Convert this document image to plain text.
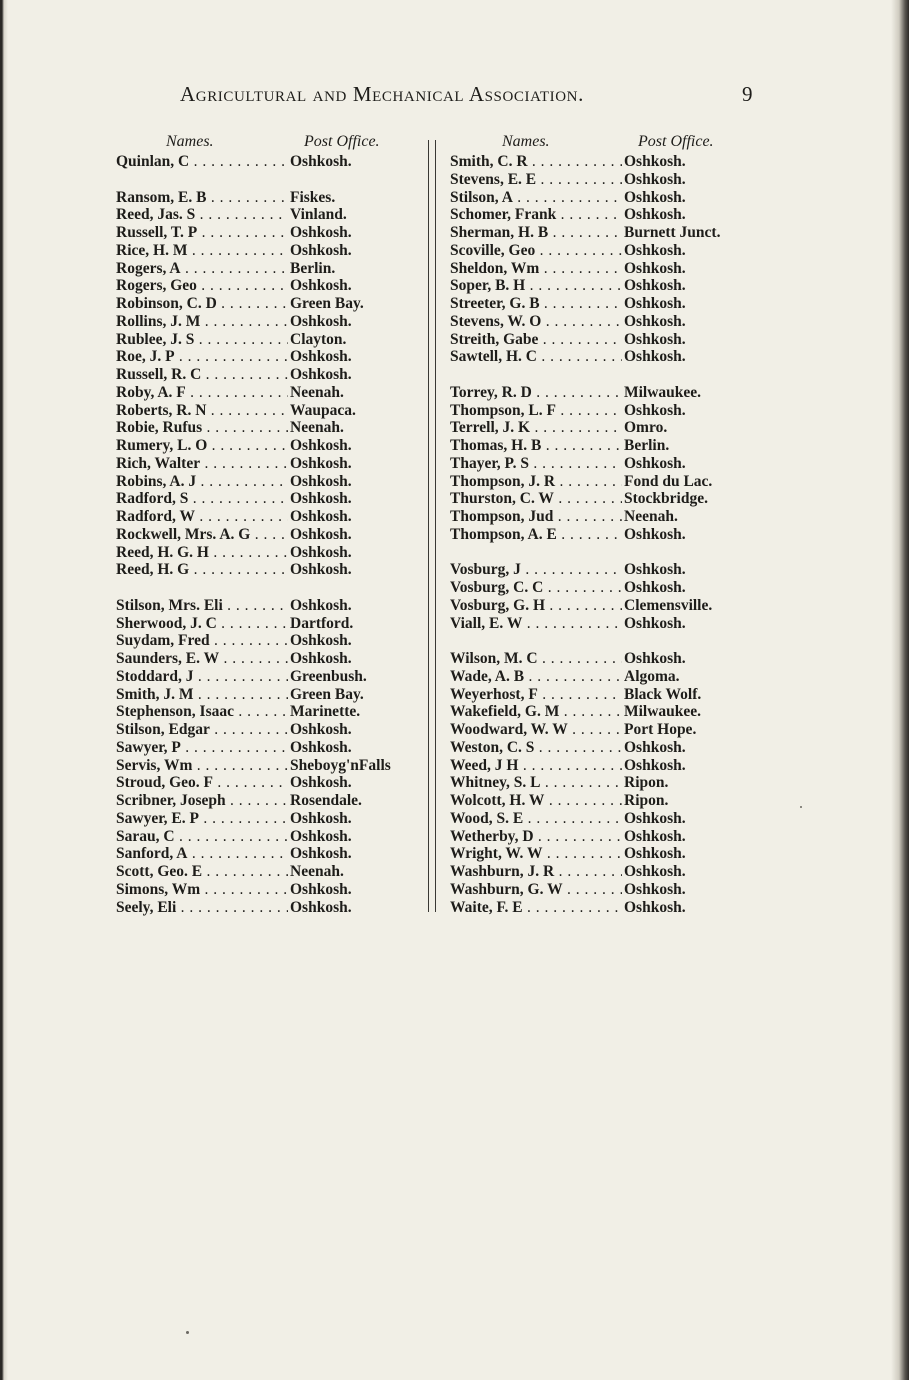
Agricultural and Mechanical Association.	9
Names.	Post Office.
Quinlan, C . . .	Oshkosh.
Ransom, E. B . . .	Fiskes.
Reed, Jas. S . . .	Vinland.
Russell, T. P . . .	Oshkosh.
Rice, H. M . . .	Oshkosh.
Rogers, A . . .	Berlin.
Rogers, Geo . . .	Oshkosh.
Robinson, C. D . . .	Green Bay.
Rollins, J. M . . .	Oshkosh.
Rublee, J. S . . .	Clayton.
Roe, J. P . . .	Oshkosh.
Russell, R. C . . .	Oshkosh.
Roby, A. F . . .	Neenah.
Roberts, R. N . . .	Waupaca.
Robie, Rufus . . .	Neenah.
Rumery, L. O . . .	Oshkosh.
Rich, Walter . . .	Oshkosh.
Robins, A. J . . .	Oshkosh.
Radford, S . . .	Oshkosh.
Radford, W . . .	Oshkosh.
Rockwell, Mrs. A. G . . .	Oshkosh.
Reed, H. G. H . . .	Oshkosh.
Reed, H. G . . .	Oshkosh.
Stilson, Mrs. Eli . . .	Oshkosh.
Sherwood, J. C . . .	Dartford.
Suydam, Fred . . .	Oshkosh.
Saunders, E. W . . .	Oshkosh.
Stoddard, J . . .	Greenbush.
Smith, J. M . . .	Green Bay.
Stephenson, Isaac . . .	Marinette.
Stilson, Edgar . . .	Oshkosh.
Sawyer, P . . .	Oshkosh.
Servis, Wm . . .	Sheboyg'nFalls
Stroud, Geo. F . . .	Oshkosh.
Scribner, Joseph . . .	Rosendale.
Sawyer, E. P . . .	Oshkosh.
Sarau, C . . .	Oshkosh.
Sanford, A . . .	Oshkosh.
Scott, Geo. E . . .	Neenah.
Simons, Wm . . .	Oshkosh.
Seely, Eli . . .	Oshkosh.
Names.	Post Office.
Smith, C. R . . .	Oshkosh.
Stevens, E. E . . .	Oshkosh.
Stilson, A . . .	Oshkosh.
Schomer, Frank . . .	Oshkosh.
Sherman, H. B . . .	Burnett Junct.
Scoville, Geo . . .	Oshkosh.
Sheldon, Wm . . .	Oshkosh.
Soper, B. H . . .	Oshkosh.
Streeter, G. B . . .	Oshkosh.
Stevens, W. O . . .	Oshkosh.
Streith, Gabe . . .	Oshkosh.
Sawtell, H. C . . .	Oshkosh.
Torrey, R. D . . .	Milwaukee.
Thompson, L. F . . .	Oshkosh.
Terrell, J. K . . .	Omro.
Thomas, H. B . . .	Berlin.
Thayer, P. S . . .	Oshkosh.
Thompson, J. R . . .	Fond du Lac.
Thurston, C. W . . .	Stockbridge.
Thompson, Jud . . .	Neenah.
Thompson, A. E . . .	Oshkosh.
Vosburg, J . . .	Oshkosh.
Vosburg, C. C . . .	Oshkosh.
Vosburg, G. H . . .	Clemensville.
Viall, E. W . . .	Oshkosh.
Wilson, M. C . . .	Oshkosh.
Wade, A. B . . .	Algoma.
Weyerhost, F . . .	Black Wolf.
Wakefield, G. M . . .	Milwaukee.
Woodward, W. W . . .	Port Hope.
Weston, C. S . . .	Oshkosh.
Weed, J H . . .	Oshkosh.
Whitney, S. L . . .	Ripon.
Wolcott, H. W . . .	Ripon.
Wood, S. E . . .	Oshkosh.
Wetherby, D . . .	Oshkosh.
Wright, W. W . . .	Oshkosh.
Washburn, J. R . . .	Oshkosh.
Washburn, G. W . . .	Oshkosh.
Waite, F. E . . .	Oshkosh.
